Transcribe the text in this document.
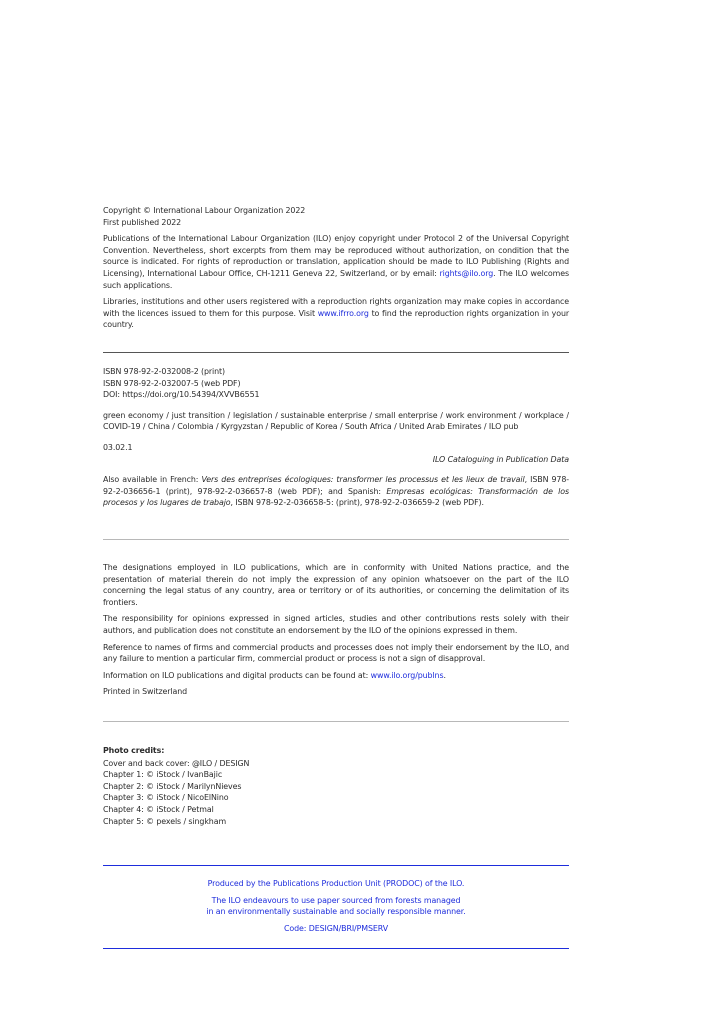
Copyright © International Labour Organization 2022

First published 2022

Publications of the International Labour Organization (ILO) enjoy copyright under Protocol 2 of the Universal Copyright Convention. Nevertheless, short excerpts from them may be reproduced without authorization, on condition that the source is indicated. For rights of reproduction or translation, application should be made to ILO Publishing (Rights and Licensing), International Labour Office, CH-1211 Geneva 22, Switzerland, or by email: rights@ilo.org. The ILO welcomes such applications.

Libraries, institutions and other users registered with a reproduction rights organization may make copies in accordance with the licences issued to them for this purpose. Visit www.ifrro.org to find the reproduction rights organization in your country.

ISBN 978-92-2-032008-2 (print)

ISBN 978-92-2-032007-5 (web PDF)

DOI: https://doi.org/10.54394/XVVB6551

green economy / just transition / legislation / sustainable enterprise / small enterprise / work environment / workplace / COVID-19 / China / Colombia / Kyrgyzstan / Republic of Korea / South Africa / United Arab Emirates / ILO pub

03.02.1

ILO Cataloguing in Publication Data

Also available in French: Vers des entreprises écologiques: transformer les processus et les lieux de travail, ISBN 978-92-2-036656-1 (print), 978-92-2-036657-8 (web PDF); and Spanish: Empresas ecológicas: Transformación de los procesos y los lugares de trabajo, ISBN 978-92-2-036658-5: (print), 978-92-2-036659-2 (web PDF).

The designations employed in ILO publications, which are in conformity with United Nations practice, and the presentation of material therein do not imply the expression of any opinion whatsoever on the part of the ILO concerning the legal status of any country, area or territory or of its authorities, or concerning the delimitation of its frontiers.

The responsibility for opinions expressed in signed articles, studies and other contributions rests solely with their authors, and publication does not constitute an endorsement by the ILO of the opinions expressed in them.

Reference to names of firms and commercial products and processes does not imply their endorsement by the ILO, and any failure to mention a particular firm, commercial product or process is not a sign of disapproval.

Information on ILO publications and digital products can be found at: www.ilo.org/publns.

Printed in Switzerland

Photo credits:

Cover and back cover: @ILO / DESIGN

Chapter 1: © iStock / IvanBajic

Chapter 2: © iStock / MarilynNieves

Chapter 3: © iStock / NicoElNino

Chapter 4: © iStock / Petmal

Chapter 5: © pexels / singkham

Produced by the Publications Production Unit (PRODOC) of the ILO.

The ILO endeavours to use paper sourced from forests managed

in an environmentally sustainable and socially responsible manner.

Code: DESIGN/BRI/PMSERV
